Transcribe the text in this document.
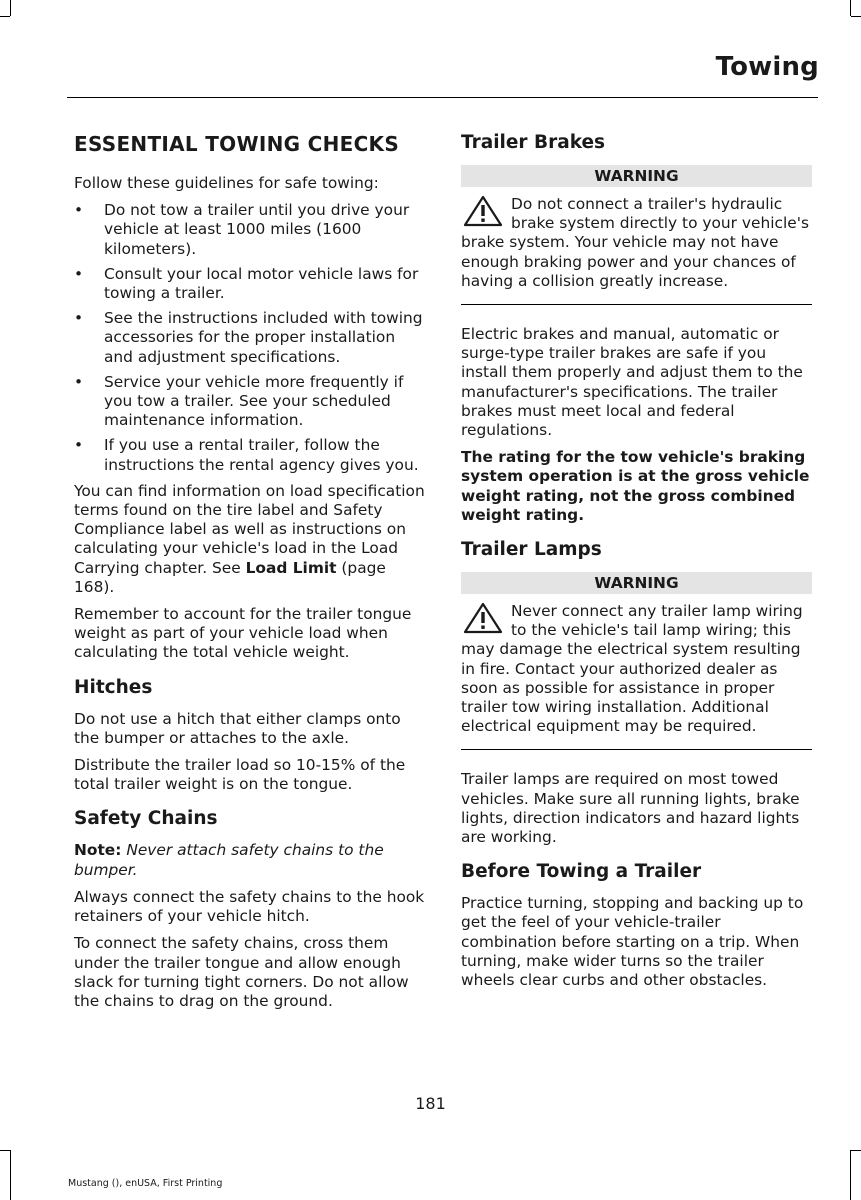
Towing
ESSENTIAL TOWING CHECKS

Follow these guidelines for safe towing:

• Do not tow a trailer until you drive your vehicle at least 1000 miles (1600 kilometers).
• Consult your local motor vehicle laws for towing a trailer.
• See the instructions included with towing accessories for the proper installation and adjustment specifications.
• Service your vehicle more frequently if you tow a trailer. See your scheduled maintenance information.
• If you use a rental trailer, follow the instructions the rental agency gives you.

You can find information on load specification terms found on the tire label and Safety Compliance label as well as instructions on calculating your vehicle's load in the Load Carrying chapter. See Load Limit (page 168).

Remember to account for the trailer tongue weight as part of your vehicle load when calculating the total vehicle weight.

Hitches

Do not use a hitch that either clamps onto the bumper or attaches to the axle.

Distribute the trailer load so 10-15% of the total trailer weight is on the tongue.

Safety Chains

Note: Never attach safety chains to the bumper.

Always connect the safety chains to the hook retainers of your vehicle hitch.

To connect the safety chains, cross them under the trailer tongue and allow enough slack for turning tight corners. Do not allow the chains to drag on the ground.

Trailer Brakes
WARNING
Do not connect a trailer's hydraulic brake system directly to your vehicle's brake system. Your vehicle may not have enough braking power and your chances of having a collision greatly increase.

Electric brakes and manual, automatic or surge-type trailer brakes are safe if you install them properly and adjust them to the manufacturer's specifications. The trailer brakes must meet local and federal regulations.

The rating for the tow vehicle's braking system operation is at the gross vehicle weight rating, not the gross combined weight rating.

Trailer Lamps
WARNING
Never connect any trailer lamp wiring to the vehicle's tail lamp wiring; this may damage the electrical system resulting in fire. Contact your authorized dealer as soon as possible for assistance in proper trailer tow wiring installation. Additional electrical equipment may be required.

Trailer lamps are required on most towed vehicles. Make sure all running lights, brake lights, direction indicators and hazard lights are working.

Before Towing a Trailer

Practice turning, stopping and backing up to get the feel of your vehicle-trailer combination before starting on a trip. When turning, make wider turns so the trailer wheels clear curbs and other obstacles.

181
Mustang (), enUSA, First Printing
